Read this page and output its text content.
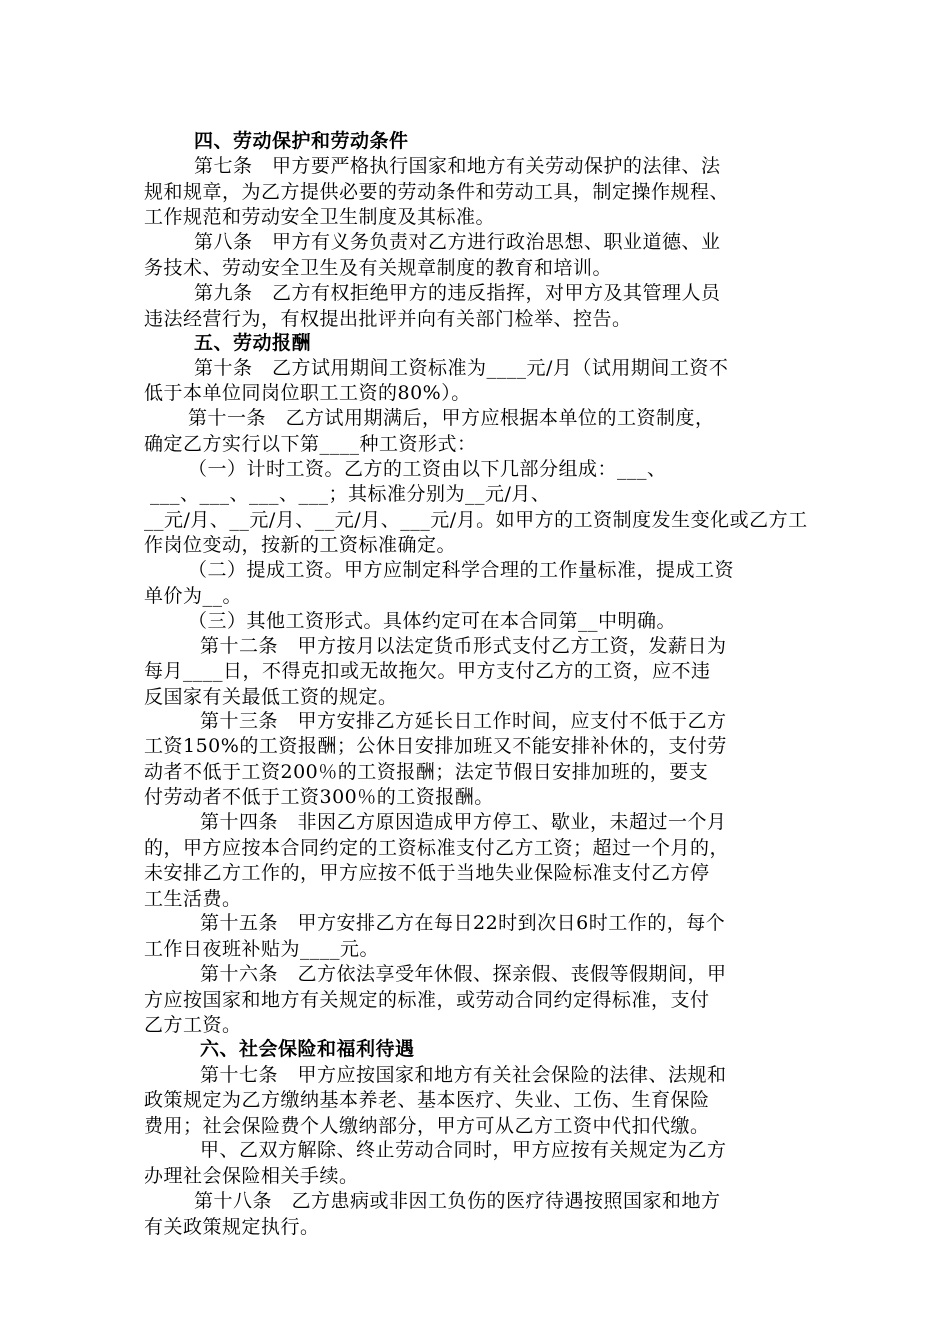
四、劳动保护和劳动条件
第七条　甲方要严格执行国家和地方有关劳动保护的法律、法
规和规章，为乙方提供必要的劳动条件和劳动工具，制定操作规程、
工作规范和劳动安全卫生制度及其标准。
第八条　甲方有义务负责对乙方进行政治思想、职业道德、业
务技术、劳动安全卫生及有关规章制度的教育和培训。
第九条　乙方有权拒绝甲方的违反指挥，对甲方及其管理人员
违法经营行为，有权提出批评并向有关部门检举、控告。
五、劳动报酬
第十条　乙方试用期间工资标准为____元/月（试用期间工资不
低于本单位同岗位职工工资的80%）。
第十一条　乙方试用期满后，甲方应根据本单位的工资制度，
确定乙方实行以下第____种工资形式：
（一）计时工资。乙方的工资由以下几部分组成：___、
___、___、___、___；其标准分别为__元/月、
__元/月、__元/月、__元/月、___元/月。如甲方的工资制度发生变化或乙方工
作岗位变动，按新的工资标准确定。
（二）提成工资。甲方应制定科学合理的工作量标准，提成工资
单价为__。
（三）其他工资形式。具体约定可在本合同第__中明确。
第十二条　甲方按月以法定货币形式支付乙方工资，发薪日为
每月____日，不得克扣或无故拖欠。甲方支付乙方的工资，应不违
反国家有关最低工资的规定。
第十三条　甲方安排乙方延长日工作时间，应支付不低于乙方
工资150%的工资报酬；公休日安排加班又不能安排补休的，支付劳
动者不低于工资200％的工资报酬；法定节假日安排加班的，要支
付劳动者不低于工资300％的工资报酬。
第十四条　非因乙方原因造成甲方停工、歇业，未超过一个月
的，甲方应按本合同约定的工资标准支付乙方工资；超过一个月的，
未安排乙方工作的，甲方应按不低于当地失业保险标准支付乙方停
工生活费。
第十五条　甲方安排乙方在每日22时到次日6时工作的，每个
工作日夜班补贴为____元。
第十六条　乙方依法享受年休假、探亲假、丧假等假期间，甲
方应按国家和地方有关规定的标准，或劳动合同约定得标准，支付
乙方工资。
六、社会保险和福利待遇
第十七条　甲方应按国家和地方有关社会保险的法律、法规和
政策规定为乙方缴纳基本养老、基本医疗、失业、工伤、生育保险
费用；社会保险费个人缴纳部分，甲方可从乙方工资中代扣代缴。
甲、乙双方解除、终止劳动合同时，甲方应按有关规定为乙方
办理社会保险相关手续。
第十八条　乙方患病或非因工负伤的医疗待遇按照国家和地方
有关政策规定执行。
